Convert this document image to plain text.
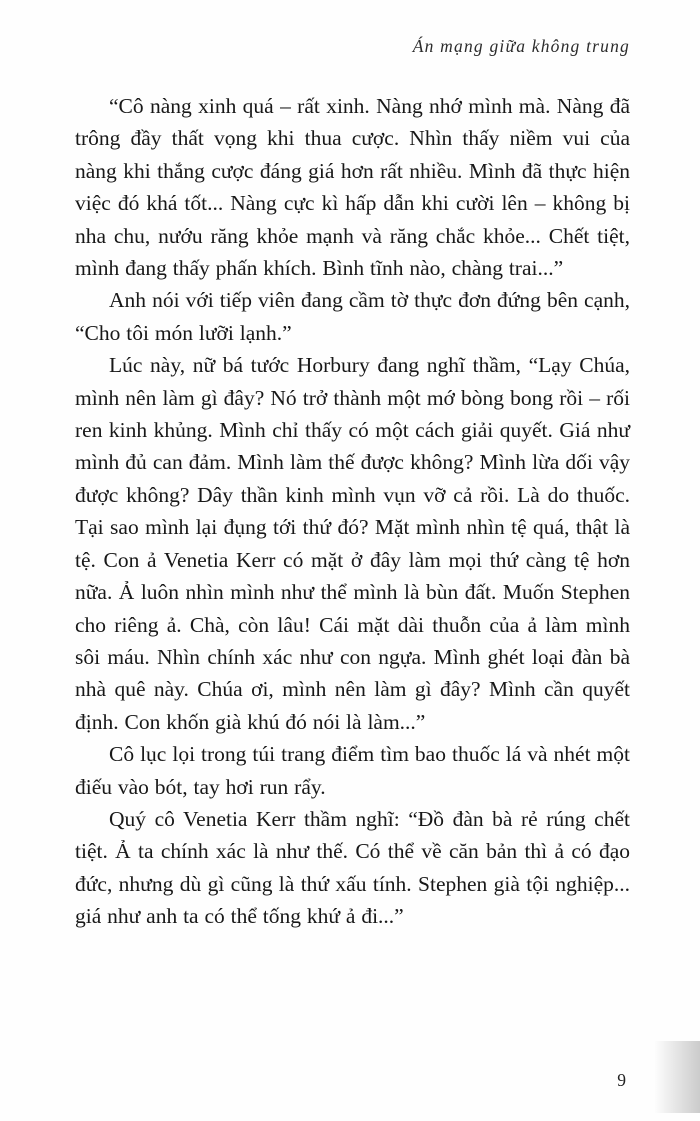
Án mạng giữa không trung

“Cô nàng xinh quá – rất xinh. Nàng nhớ mình mà. Nàng đã trông đầy thất vọng khi thua cược. Nhìn thấy niềm vui của nàng khi thắng cược đáng giá hơn rất nhiều. Mình đã thực hiện việc đó khá tốt... Nàng cực kì hấp dẫn khi cười lên – không bị nha chu, nướu răng khỏe mạnh và răng chắc khỏe... Chết tiệt, mình đang thấy phấn khích. Bình tĩnh nào, chàng trai...”

Anh nói với tiếp viên đang cầm tờ thực đơn đứng bên cạnh, “Cho tôi món lưỡi lạnh.”

Lúc này, nữ bá tước Horbury đang nghĩ thầm, “Lạy Chúa, mình nên làm gì đây? Nó trở thành một mớ bòng bong rồi – rối ren kinh khủng. Mình chỉ thấy có một cách giải quyết. Giá như mình đủ can đảm. Mình làm thế được không? Mình lừa dối vậy được không? Dây thần kinh mình vụn vỡ cả rồi. Là do thuốc. Tại sao mình lại đụng tới thứ đó? Mặt mình nhìn tệ quá, thật là tệ. Con ả Venetia Kerr có mặt ở đây làm mọi thứ càng tệ hơn nữa. Ả luôn nhìn mình như thể mình là bùn đất. Muốn Stephen cho riêng ả. Chà, còn lâu! Cái mặt dài thuỗn của ả làm mình sôi máu. Nhìn chính xác như con ngựa. Mình ghét loại đàn bà nhà quê này. Chúa ơi, mình nên làm gì đây? Mình cần quyết định. Con khốn già khú đó nói là làm...”

Cô lục lọi trong túi trang điểm tìm bao thuốc lá và nhét một điếu vào bót, tay hơi run rẩy.

Quý cô Venetia Kerr thầm nghĩ: “Đồ đàn bà rẻ rúng chết tiệt. Ả ta chính xác là như thế. Có thể về căn bản thì ả có đạo đức, nhưng dù gì cũng là thứ xấu tính. Stephen già tội nghiệp... giá như anh ta có thể tống khứ ả đi...”

9
